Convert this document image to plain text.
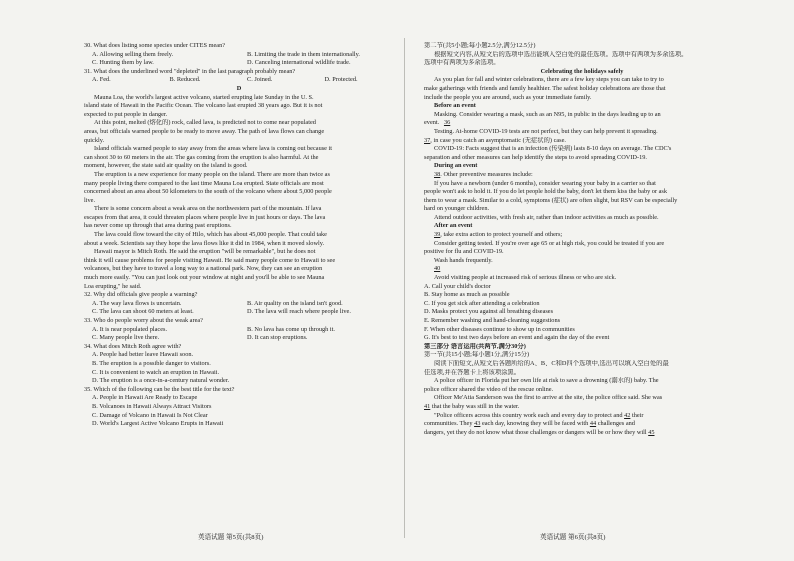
30. What does listing some species under CITES mean?
A. Allowing selling them freely.	B. Limiting the trade in them internationally.
C. Hunting them by law.	D. Canceling international wildlife trade.
31. What does the underlined word "depleted" in the last paragraph probably mean?
A. Fed.	B. Reduced.	C. Joined.	D. Protected.
D
Mauna Loa, the world's largest active volcano, started erupting late Sunday in the U. S.
island state of Hawaii in the Pacific Ocean. The volcano last erupted 38 years ago. But it is not
expected to put people in danger.
At this point, melted (熔化的) rock, called lava, is predicted not to come near populated
areas, but officials warned people to be ready to move away. The path of lava flows can change
quickly.
Island officials warned people to stay away from the areas where lava is coming out because it
can shoot 30 to 60 meters in the air. The gas coming from the eruption is also harmful. At the
moment, however, the state said air quality on the island is good.
The eruption is a new experience for many people on the island. There are more than twice as
many people living there compared to the last time Mauna Loa erupted. State officials are most
concerned about an area about 50 kilometers to the south of the volcano where about 5,000 people
live.
There is some concern about a weak area on the northwestern part of the mountain. If lava
escapes from that area, it could threaten places where people live in just hours or days. The lava
has never come up through that area during past eruptions.
The lava could flow toward the city of Hilo, which has about 45,000 people. That could take
about a week. Scientists say they hope the lava flows like it did in 1984, when it moved slowly.
Hawaii mayor is Mitch Roth. He said the eruption "will be remarkable", but he does not
think it will cause problems for people visiting Hawaii. He said many people come to Hawaii to see
volcanoes, but they have to travel a long way to a national park. Now, they can see an eruption
much more easily. "You can just look out your window at night and you'll be able to see Mauna
Loa erupting," he said.
32. Why did officials give people a warning?
A. The way lava flows is uncertain.	B. Air quality on the island isn't good.
C. The lava can shoot 60 meters at least.	D. The lava will reach where people live.
33. Who do people worry about the weak area?
A. It is near populated places.	B. No lava has come up through it.
C. Many people live there.	D. It can stop eruptions.
34. What does Mitch Roth agree with?
A. People had better leave Hawaii soon.
B. The eruption is a possible danger to visitors.
C. It is convenient to watch an eruption in Hawaii.
D. The eruption is a once-in-a-century natural wonder.
35. Which of the following can be the best title for the text?
A. People in Hawaii Are Ready to Escape
B. Volcanoes in Hawaii Always Attract Visitors
C. Damage of Volcano in Hawaii Is Not Clear
D. World's Largest Active Volcano Erupts in Hawaii
第二节(共5小题;每小题2.5分,满分12.5分)
根据短文内容,从短文后的选项中选出能填入空白处的最佳选项。选项中有两项为多余选项。
选项中有两项为多余选项。
Celebrating the holidays safely
As you plan for fall and winter celebrations, there are a few key steps you can take to try to
make gatherings with friends and family healthier. The safest holiday celebrations are those that
include the people you are around, such as your immediate family.
Before an event
Masking. Consider wearing a mask, such as an N95, in public in the days leading up to an
event. 36
Testing. At-home COVID-19 tests are not perfect, but they can help prevent it spreading.
37, in case you catch an asymptomatic (无症状的) case.
COVID-19: Facts suggest that is an infection (传染病) lasts 8-10 days on average. The CDC's
separation and other measures can help identify the steps to avoid spreading COVID-19.
During an event
38. Other preventive measures include:
If you have a newborn (under 6 months), consider wearing your baby in a carrier so that
people won't ask to hold it. If you do let people hold the baby, don't let them kiss the baby or ask
them to wear a mask. Similar to a cold, symptoms (症状) are often slight, but RSV can be especially
hard on younger children.
Attend outdoor activities, with fresh air, rather than indoor activities as much as possible.
After an event
39, take extra action to protect yourself and others;
Consider getting tested. If you're over age 65 or at high risk, you could be treated if you are
positive for flu and COVID-19.
Wash hands frequently.
40
Avoid visiting people at increased risk of serious illness or who are sick.
A. Call your child's doctor
B. Stay home as much as possible
C. If you get sick after attending a celebration
D. Masks protect you against all breathing diseases
E. Remember washing and hand-cleaning suggestions
F. When other diseases continue to show up in communities
G. It's best to test two days before an event and again the day of the event
第三部分 语言运用(共两节,满分30分)
第一节(共15小题;每小题1分,满分15分)
阅读下面短文,从短文后各题所给的A、B、C和D四个选项中,选出可以填入空白处的最
佳选项,并在答题卡上将该项涂黑。
A police officer in Florida put her own life at risk to save a drowning (溺水的) baby. The
police officer shared the video of the rescue online.
Officer Me'Atia Sanderson was the first to arrive at the site, the police office said. She was
41 that the baby was still in the water.
"Police officers across this country work each and every day to protect and 42 their
communities. They 43 each day, knowing they will be faced with 44 challenges and
dangers, yet they do not know what those challenges or dangers will be or how they will 45
英语试题 第5页(共8页)	英语试题 第6页(共8页)
